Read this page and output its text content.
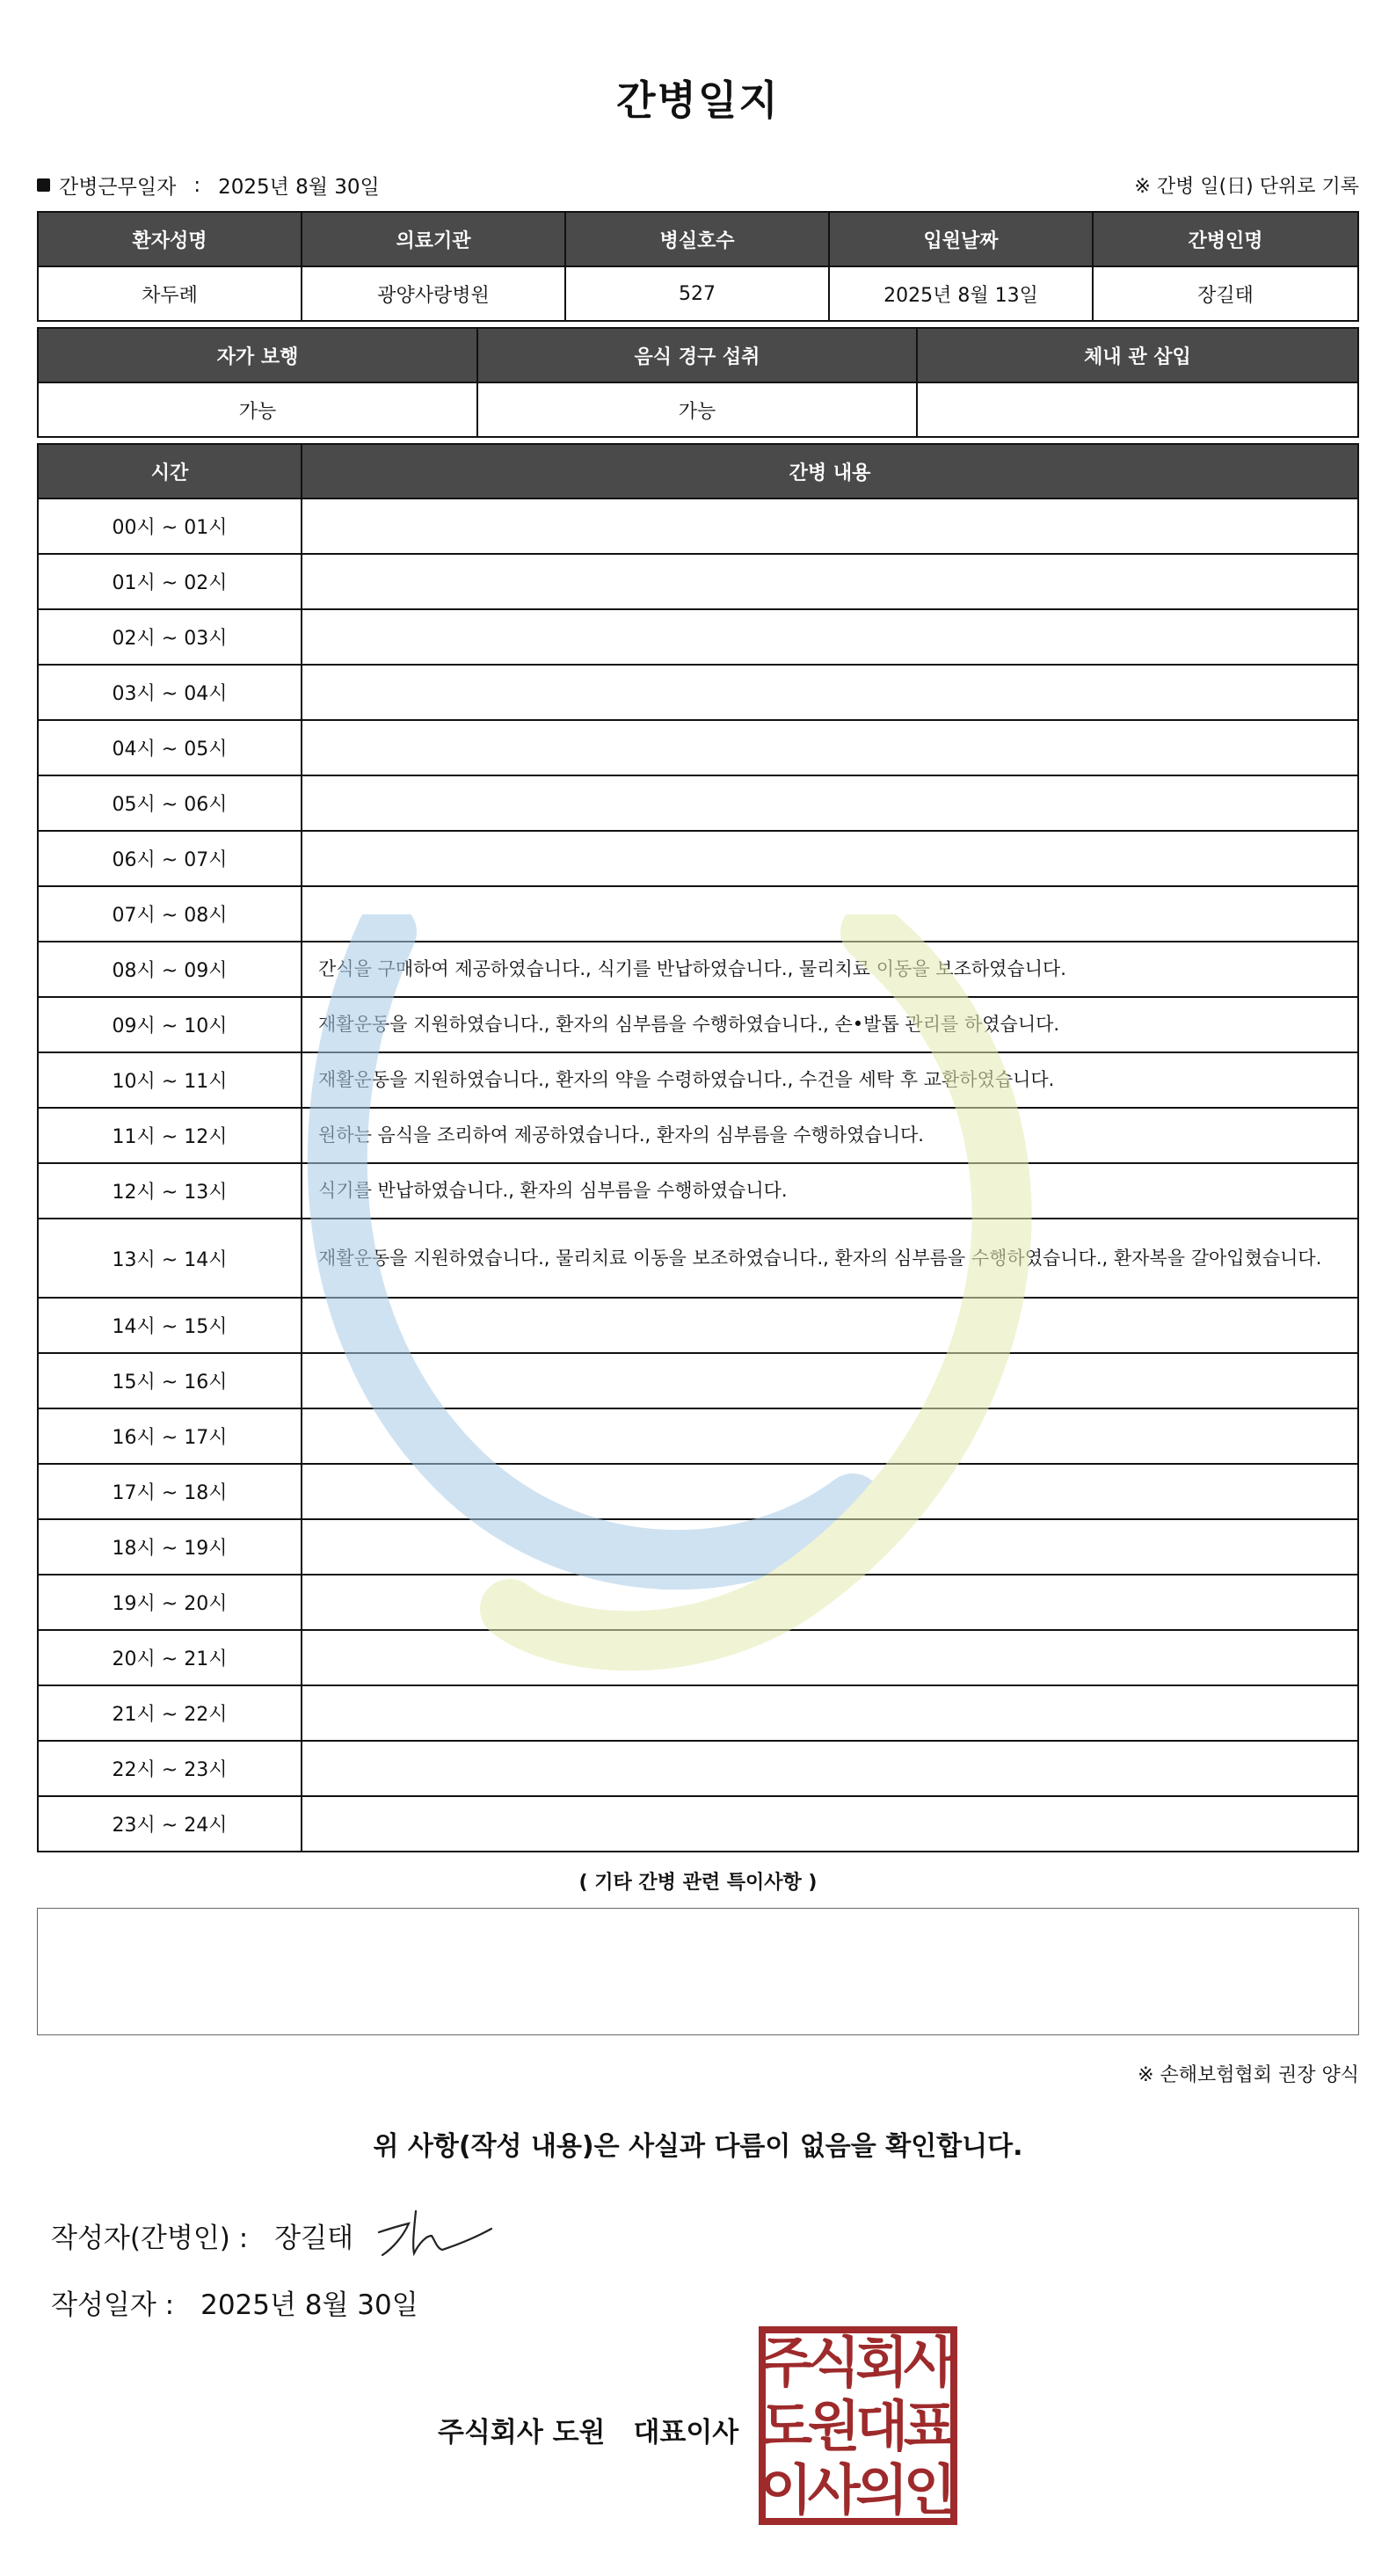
간병일지
간병근무일자 : 2025년 8월 30일	※ 간병 일(日) 단위로 기록
환자성명	의료기관	병실호수	입원날짜	간병인명
차두례	광양사랑병원	527	2025년 8월 13일	장길태
자가 보행	음식 경구 섭취	체내 관 삽입
가능	가능
시간	간병 내용
00시 ~ 01시
01시 ~ 02시
02시 ~ 03시
03시 ~ 04시
04시 ~ 05시
05시 ~ 06시
06시 ~ 07시
07시 ~ 08시
08시 ~ 09시	간식을 구매하여 제공하였습니다., 식기를 반납하였습니다., 물리치료 이동을 보조하였습니다.
09시 ~ 10시	재활운동을 지원하였습니다., 환자의 심부름을 수행하였습니다., 손•발톱 관리를 하였습니다.
10시 ~ 11시	재활운동을 지원하였습니다., 환자의 약을 수령하였습니다., 수건을 세탁 후 교환하였습니다.
11시 ~ 12시	원하는 음식을 조리하여 제공하였습니다., 환자의 심부름을 수행하였습니다.
12시 ~ 13시	식기를 반납하였습니다., 환자의 심부름을 수행하였습니다.
13시 ~ 14시	재활운동을 지원하였습니다., 물리치료 이동을 보조하였습니다., 환자의 심부름을 수행하였습니다., 환자복을 갈아입혔습니다.
14시 ~ 15시
15시 ~ 16시
16시 ~ 17시
17시 ~ 18시
18시 ~ 19시
19시 ~ 20시
20시 ~ 21시
21시 ~ 22시
22시 ~ 23시
23시 ~ 24시
( 기타 간병 관련 특이사항 )
※ 손해보험협회 권장 양식
위 사항(작성 내용)은 사실과 다름이 없음을 확인합니다.
작성자(간병인) : 장길태
작성일자 : 2025년 8월 30일
주식회사 도원 대표이사
주
식
회
사
도
원
대
표
이
사
의
인
